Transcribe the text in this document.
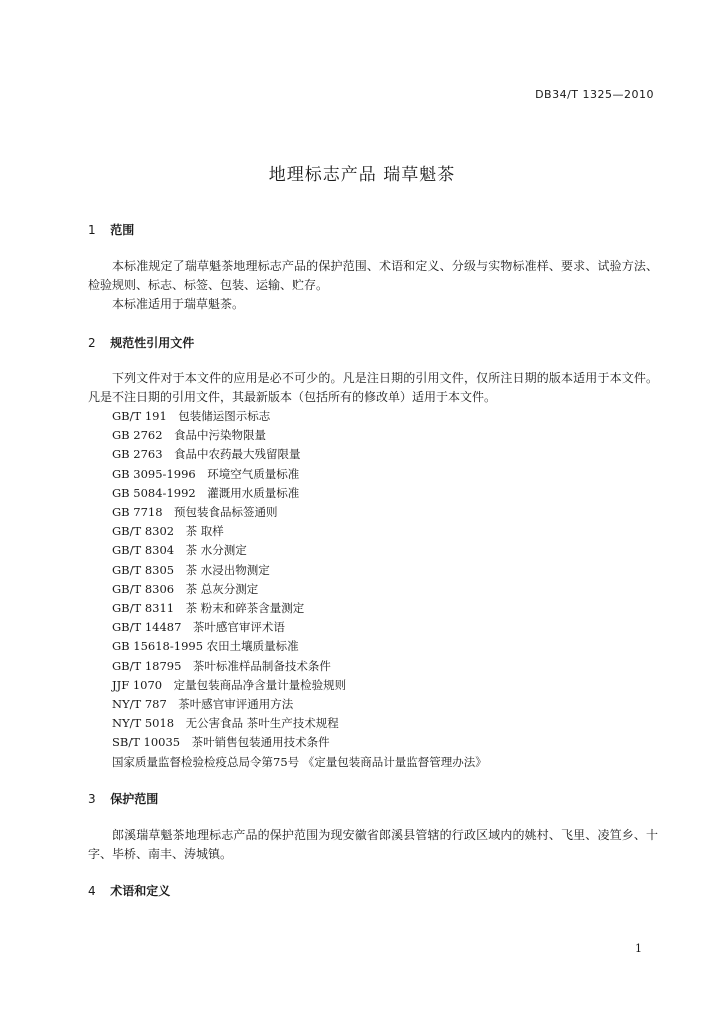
DB34/T 1325—2010
地理标志产品 瑞草魁茶
1 范围
本标准规定了瑞草魁茶地理标志产品的保护范围、术语和定义、分级与实物标准样、要求、试验方法、检验规则、标志、标签、包装、运输、贮存。
本标准适用于瑞草魁茶。
2 规范性引用文件
下列文件对于本文件的应用是必不可少的。凡是注日期的引用文件，仅所注日期的版本适用于本文件。凡是不注日期的引用文件，其最新版本（包括所有的修改单）适用于本文件。
GB/T 191　包装储运图示标志
GB 2762　食品中污染物限量
GB 2763　食品中农药最大残留限量
GB 3095-1996　环境空气质量标准
GB 5084-1992　灌溉用水质量标准
GB 7718　预包装食品标签通则
GB/T 8302　茶 取样
GB/T 8304　茶 水分测定
GB/T 8305　茶 水浸出物测定
GB/T 8306　茶 总灰分测定
GB/T 8311　茶 粉末和碎茶含量测定
GB/T 14487　茶叶感官审评术语
GB 15618-1995 农田土壤质量标准
GB/T 18795　茶叶标准样品制备技术条件
JJF 1070　定量包装商品净含量计量检验规则
NY/T 787　茶叶感官审评通用方法
NY/T 5018　无公害食品 茶叶生产技术规程
SB/T 10035　茶叶销售包装通用技术条件
国家质量监督检验检疫总局令第75号 《定量包装商品计量监督管理办法》
3 保护范围
郎溪瑞草魁茶地理标志产品的保护范围为现安徽省郎溪县管辖的行政区域内的姚村、飞里、凌笪乡、十字、毕桥、南丰、涛城镇。
4 术语和定义
1
